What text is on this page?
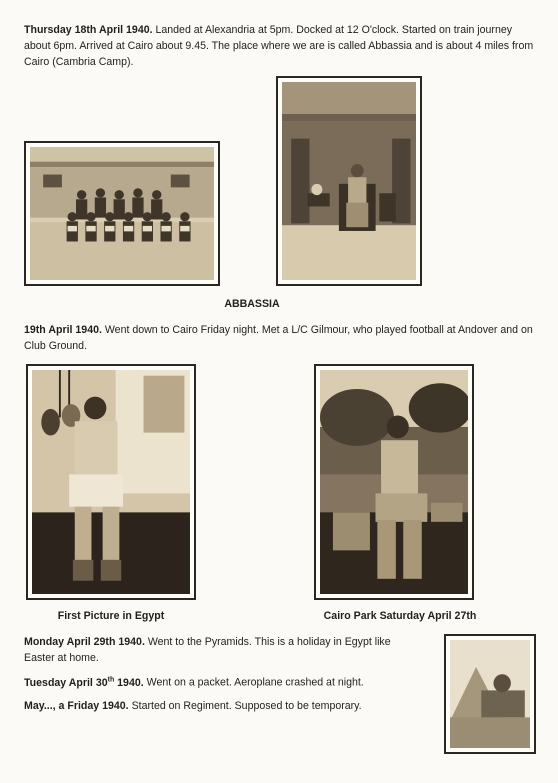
Thursday 18th April 1940. Landed at Alexandria at 5pm. Docked at 12 O'clock. Started on train journey about 6pm. Arrived at Cairo about 9.45. The place where we are is called Abbassia and is about 4 miles from Cairo (Cambria Camp).
ABBASSIA
19th April 1940. Went down to Cairo Friday night. Met a L/C Gilmour, who played football at Andover and on Club Ground.
First Picture in Egypt	Cairo Park Saturday April 27th
Monday April 29th 1940. Went to the Pyramids. This is a holiday in Egypt like Easter at home.
Tuesday April 30th 1940. Went on a packet. Aeroplane crashed at night.
May..., a Friday 1940. Started on Regiment. Supposed to be temporary.
